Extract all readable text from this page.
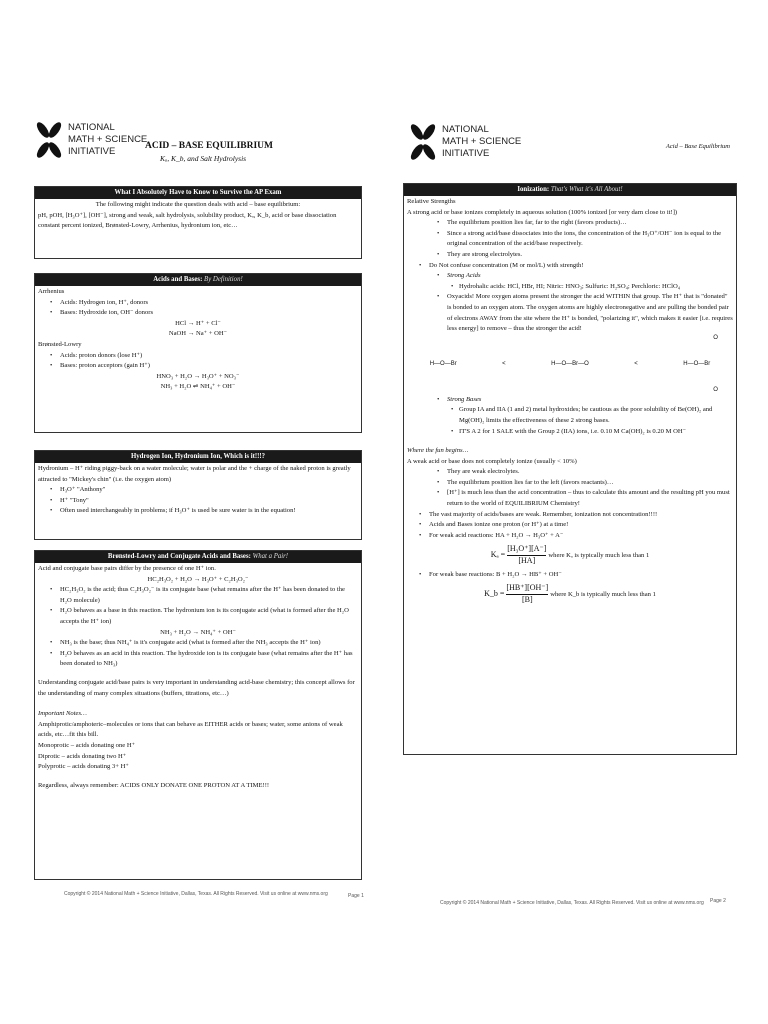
NATIONAL
MATH + SCIENCE
INITIATIVE	ACID – BASE EQUILIBRIUM
Kₐ, K_b, and Salt Hydrolysis
What I Absolutely Have to Know to Survive the AP Exam
The following might indicate the question deals with acid – base equilibrium:
pH, pOH, [H₃O⁺], [OH⁻], strong and weak, salt hydrolysis, solubility product, Kₐ, K_b, acid or base dissociation constant percent ionized, Brønsted-Lowry, Arrhenius, hydronium ion, etc…
Acids and Bases: By Definition!
Arrhenius
• Acids: Hydrogen ion, H⁺, donors
• Bases: Hydroxide ion, OH⁻ donors
HCl → H⁺ + Cl⁻
NaOH → Na⁺ + OH⁻
Brønsted-Lowry
• Acids: proton donors (lose H⁺)
• Bases: proton acceptors (gain H⁺)
HNO₃ + H₂O → H₃O⁺ + NO₃⁻
NH₃ + H₂O ⇌ NH₄⁺ + OH⁻
Hydrogen Ion, Hydronium Ion, Which is it!!!?
Hydronium – H⁺ riding piggy-back on a water molecule; water is polar and the + charge of the naked proton is greatly attracted to "Mickey's chin" (i.e. the oxygen atom)
• H₃O⁺ "Anthony"
• H⁺ "Tony"
• Often used interchangeably in problems; if H₃O⁺ is used be sure water is in the equation!
Brønsted-Lowry and Conjugate Acids and Bases: What a Pair!
Acid and conjugate base pairs differ by the presence of one H⁺ ion.
HC₂H₃O₂ + H₂O → H₃O⁺ + C₂H₃O₂⁻
• HC₂H₃O₂ is the acid; thus C₂H₃O₂⁻ is its conjugate base (what remains after the H⁺ has been donated to the H₂O molecule)
• H₂O behaves as a base in this reaction. The hydronium ion is its conjugate acid (what is formed after the H₂O accepts the H⁺ ion)
NH₃ + H₂O → NH₄⁺ + OH⁻
• NH₃ is the base; thus NH₄⁺ is it's conjugate acid (what is formed after the NH₃ accepts the H⁺ ion)
• H₂O behaves as an acid in this reaction. The hydroxide ion is its conjugate base (what remains after the H⁺ has been donated to NH₃)
Understanding conjugate acid/base pairs is very important in understanding acid-base chemistry; this concept allows for the understanding of many complex situations (buffers, titrations, etc…)
Important Notes…
Amphiprotic/amphoteric–molecules or ions that can behave as EITHER acids or bases; water, some anions of weak acids, etc…fit this bill.
Monoprotic – acids donating one H⁺
Diprotic – acids donating two H⁺
Polyprotic – acids donating 3+ H⁺
Regardless, always remember: ACIDS ONLY DONATE ONE PROTON AT A TIME!!!
Copyright © 2014 National Math + Science Initiative, Dallas, Texas. All Rights Reserved. Visit us online at www.nms.org	Page 1
NATIONAL
MATH + SCIENCE
INITIATIVE
Acid – Base Equilibrium
Ionization: That's What it's All About!
Relative Strengths
A strong acid or base ionizes completely in aqueous solution (100% ionized [or very darn close to it!])
• The equilibrium position lies far, far to the right (favors products)…
• Since a strong acid/base dissociates into the ions, the concentration of the H₃O⁺/OH⁻ ion is equal to the original concentration of the acid/base respectively.
• They are strong electrolytes.
• Do Not confuse concentration (M or mol/L) with strength!
• Strong Acids
• Hydrohalic acids: HCl, HBr, HI; Nitric: HNO₃; Sulfuric: H₂SO₄; Perchloric: HClO₄
• Oxyacids! More oxygen atoms present the stronger the acid WITHIN that group. The H⁺ that is "donated" is bonded to an oxygen atom. The oxygen atoms are highly electronegative and are pulling the bonded pair of electrons AWAY from the site where the H⁺ is bonded, "polarizing it", which makes it easier [i.e. requires less energy] to remove – thus the stronger the acid!
H—O—Br	<	H—O—Br—O	<
O
H—O—Br
O
• Strong Bases
• Group IA and IIA (1 and 2) metal hydroxides; be cautious as the poor solubility of Be(OH)₂ and Mg(OH)₂ limits the effectiveness of these 2 strong bases.
• IT'S A 2 for 1 SALE with the Group 2 (IIA) ions, i.e. 0.10 M Ca(OH)₂ is 0.20 M OH⁻
Where the fun begins…
A weak acid or base does not completely ionize (usually < 10%)
• They are weak electrolytes.
• The equilibrium position lies far to the left (favors reactants)…
• [H⁺] is much less than the acid concentration – thus to calculate this amount and the resulting pH you must return to the world of EQUILIBRIUM Chemistry!
• The vast majority of acids/bases are weak. Remember, ionization not concentration!!!!
• Acids and Bases ionize one proton (or H⁺) at a time!
• For weak acid reactions: HA + H₂O → H₃O⁺ + A⁻
$K_a = \frac{\text{[H₃O⁺][A⁻]}}{[HA]}$ where Kₐ is typically much less than 1
• For weak base reactions: B + H₂O → HB⁺ + OH⁻
K_b = $\frac{[HB^+][OH^-]}{[B]}$ where K_b is typically much less than 1
Copyright © 2014 National Math + Science Initiative, Dallas, Texas. All Rights Reserved. Visit us online at www.nms.org Page 2
